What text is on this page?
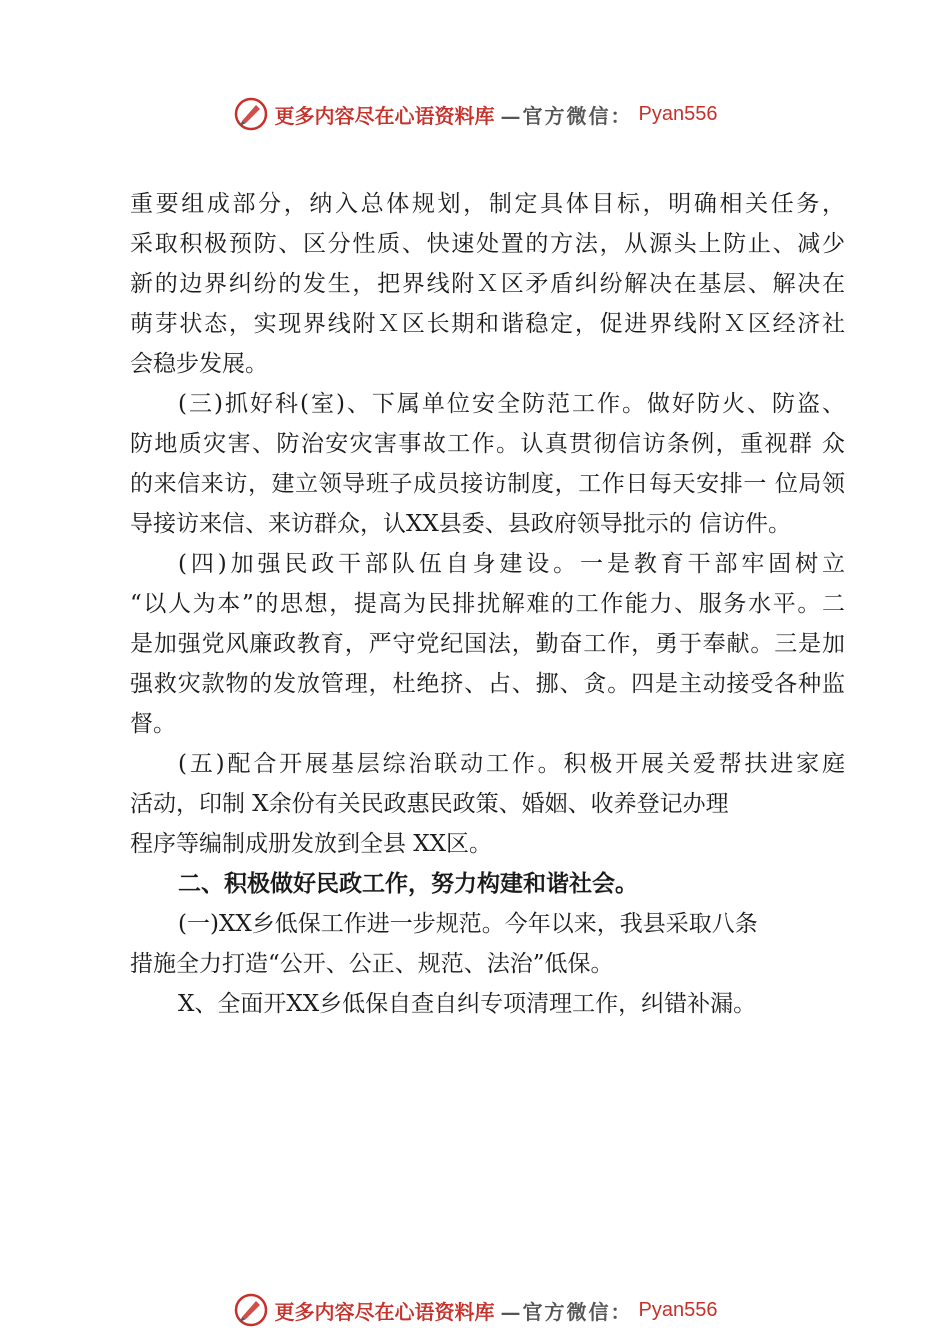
更多内容尽在心语资料库 —官方微信： Pyan556
重要组成部分，纳入总体规划，制定具体目标，明确相关任务，
采取积极预防、区分性质、快速处置的方法，从源头上防止、减少
新的边界纠纷的发生，把界线附Ｘ区矛盾纠纷解决在基层、解决在
萌芽状态，实现界线附Ｘ区长期和谐稳定，促进界线附Ｘ区经济社
会稳步发展。
(三)抓好科(室)、下属单位安全防范工作。做好防火、防盗、
防地质灾害、防治安灾害事故工作。认真贯彻信访条例，重视群 众
的来信来访，建立领导班子成员接访制度，工作日每天安排一 位局领
导接访来信、来访群众，认XX县委、县政府领导批示的 信访件。
(四)加强民政干部队伍自身建设。一是教育干部牢固树立
“以人为本”的思想，提高为民排扰解难的工作能力、服务水平。二
是加强党风廉政教育，严守党纪国法，勤奋工作，勇于奉献。三是加
强救灾款物的发放管理，杜绝挤、占、挪、贪。四是主动接受各种监
督。
(五)配合开展基层综治联动工作。积极开展关爱帮扶进家庭
活动，印制 X余份有关民政惠民政策、婚姻、收养登记办理
程序等编制成册发放到全县 XX区。
二、积极做好民政工作，努力构建和谐社会。
(一)XX乡低保工作进一步规范。今年以来，我县采取八条
措施全力打造“公开、公正、规范、法治”低保。
X、全面开XX乡低保自查自纠专项清理工作，纠错补漏。
更多内容尽在心语资料库 —官方微信： Pyan556
